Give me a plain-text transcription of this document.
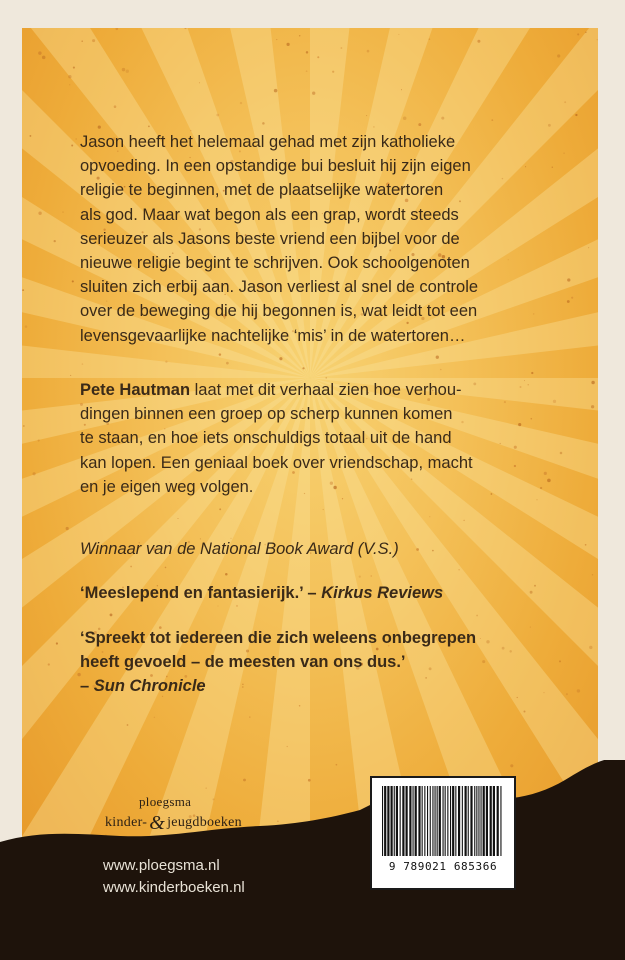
Jason heeft het helemaal gehad met zijn katholieke
opvoeding. In een opstandige bui besluit hij zijn eigen
religie te beginnen, met de plaatselijke watertoren
als god. Maar wat begon als een grap, wordt steeds
serieuzer als Jasons beste vriend een bijbel voor de
nieuwe religie begint te schrijven. Ook schoolgenoten
sluiten zich erbij aan. Jason verliest al snel de controle
over de beweging die hij begonnen is, wat leidt tot een
levensgevaarlijke nachtelijke ‘mis’ in de watertoren…
Pete Hautman laat met dit verhaal zien hoe verhou-
dingen binnen een groep op scherp kunnen komen
te staan, en hoe iets onschuldigs totaal uit de hand
kan lopen. Een geniaal boek over vriendschap, macht
en je eigen weg volgen.
Winnaar van de National Book Award (V.S.)
‘Meeslepend en fantasierijk.’ – Kirkus Reviews
‘Spreekt tot iedereen die zich weleens onbegrepen
heeft gevoeld – de meesten van ons dus.’
– Sun Chronicle
ploegsma
kinder- & jeugdboeken
www.ploegsma.nl
www.kinderboeken.nl
9 789021 685366
